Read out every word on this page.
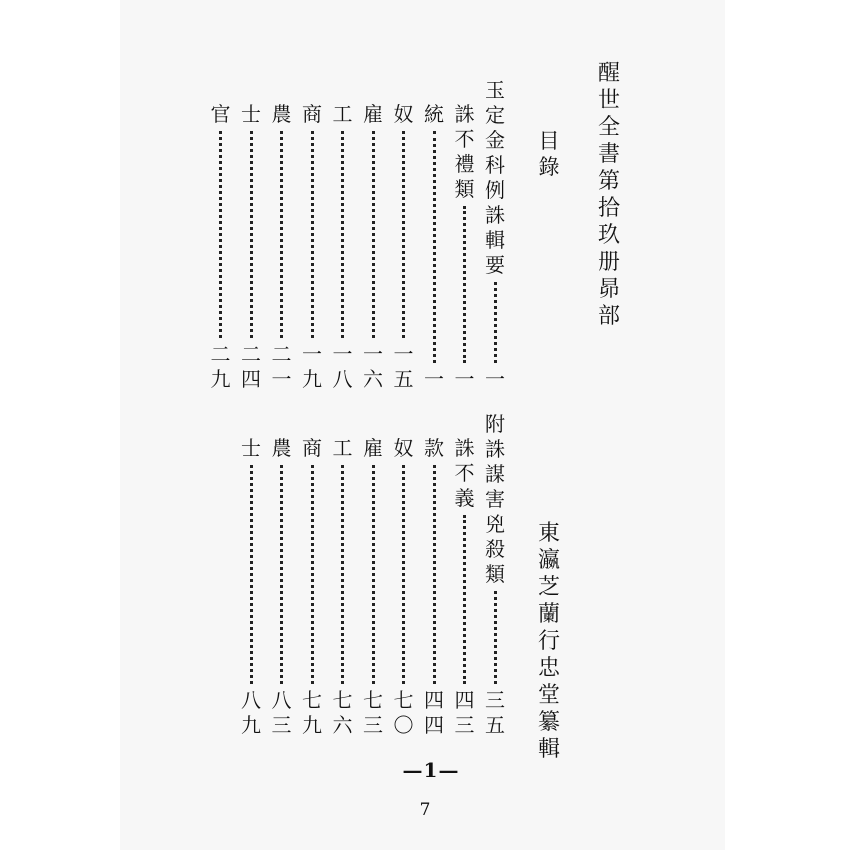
醒
世
全
書
第
拾
玖
册
昴
部
目
錄
東
瀛
芝
蘭
行
忠
堂
纂
輯
玉
定
金
科
例
誅
輯
要
一
誅
不
禮
類
一
統
一
奴
一
五
雇
一
六
工
一
八
商
一
九
農
二
一
士
二
四
官
二
九
附
誅
謀
害
兇
殺
類
三
五
誅
不
義
四
三
款
四
四
奴
七
〇
雇
七
三
工
七
六
商
七
九
農
八
三
士
八
九
—1—
7
